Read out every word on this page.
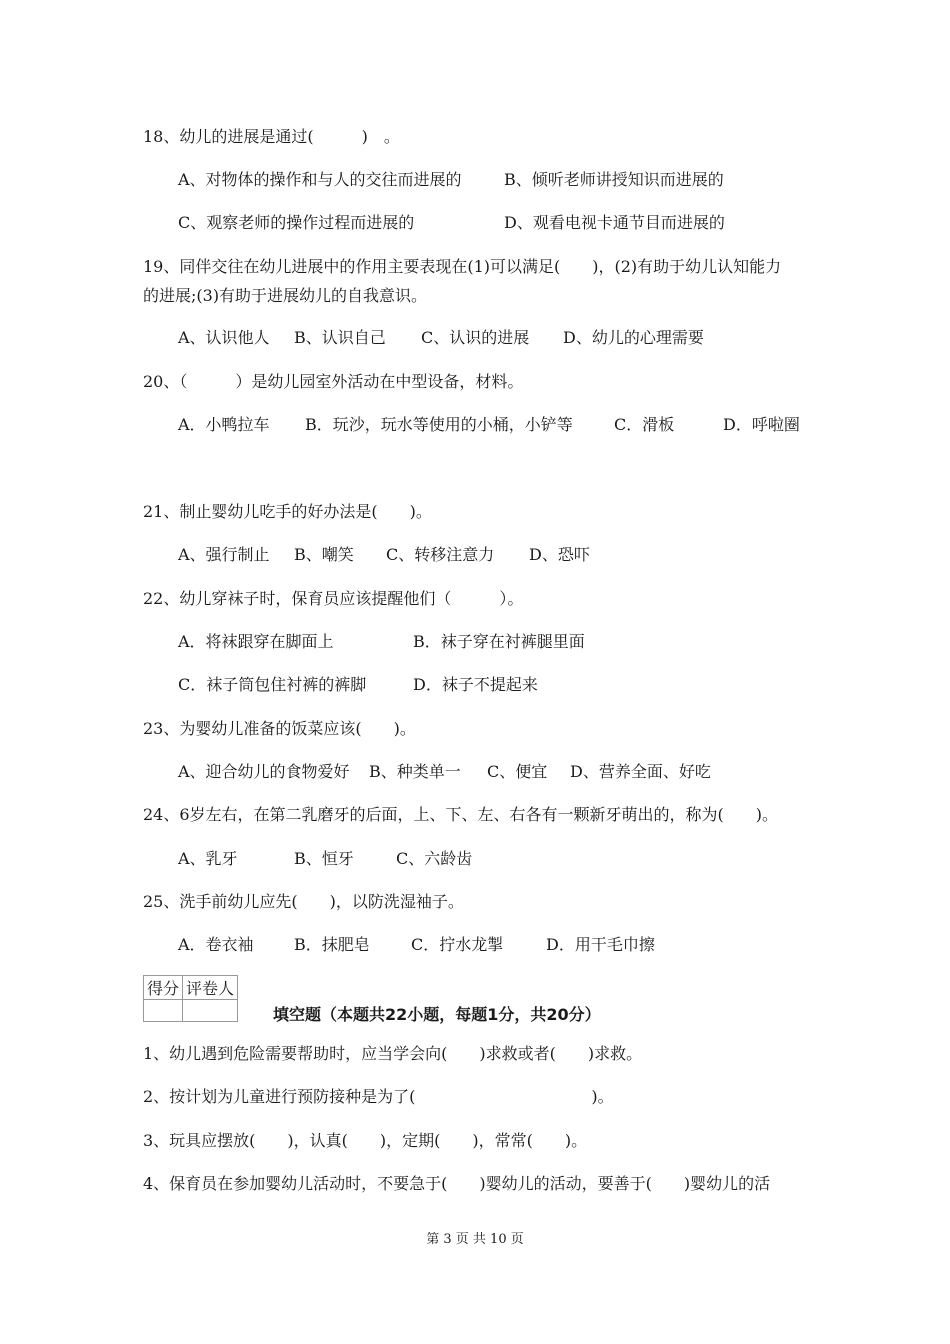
18、幼儿的进展是通过(　　　)　。
A、对物体的操作和与人的交往而进展的	B、倾听老师讲授知识而进展的
C、观察老师的操作过程而进展的	D、观看电视卡通节目而进展的
19、同伴交往在幼儿进展中的作用主要表现在(1)可以满足(　　)，(2)有助于幼儿认知能力
的进展;(3)有助于进展幼儿的自我意识。
A、认识他人 B、认识自己 C、认识的进展 D、幼儿的心理需要
20、（　　　）是幼儿园室外活动在中型设备，材料。
A．小鸭拉车 B．玩沙，玩水等使用的小桶，小铲等	C．滑板	D．呼啦圈
21、制止婴幼儿吃手的好办法是(　　)。
A、强行制止 B、嘲笑 C、转移注意力 D、恐吓
22、幼儿穿袜子时，保育员应该提醒他们（　　　）。
A．将袜跟穿在脚面上	B．袜子穿在衬裤腿里面
C．袜子筒包住衬裤的裤脚	D．袜子不提起来
23、为婴幼儿准备的饭菜应该(　　)。
A、迎合幼儿的食物爱好 B、种类单一 C、便宜 D、营养全面、好吃
24、6岁左右，在第二乳磨牙的后面，上、下、左、右各有一颗新牙萌出的，称为(　　)。
A、乳牙	B、恒牙	C、六龄齿
25、洗手前幼儿应先(　　)，以防洗湿袖子。
A．卷衣袖	B．抹肥皂	C．拧水龙掣	D．用干毛巾擦
得分	评卷人

填空题（本题共22小题，每题1分，共20分）
1、幼儿遇到危险需要帮助时，应当学会向(　　)求救或者(　　)求救。
2、按计划为儿童进行预防接种是为了(　　　　　　　　　　　)。
3、玩具应摆放(　　)，认真(　　)，定期(　　)，常常(　　)。
4、保育员在参加婴幼儿活动时，不要急于(　　)婴幼儿的活动，要善于(　　)婴幼儿的活
第 3 页 共 10 页
